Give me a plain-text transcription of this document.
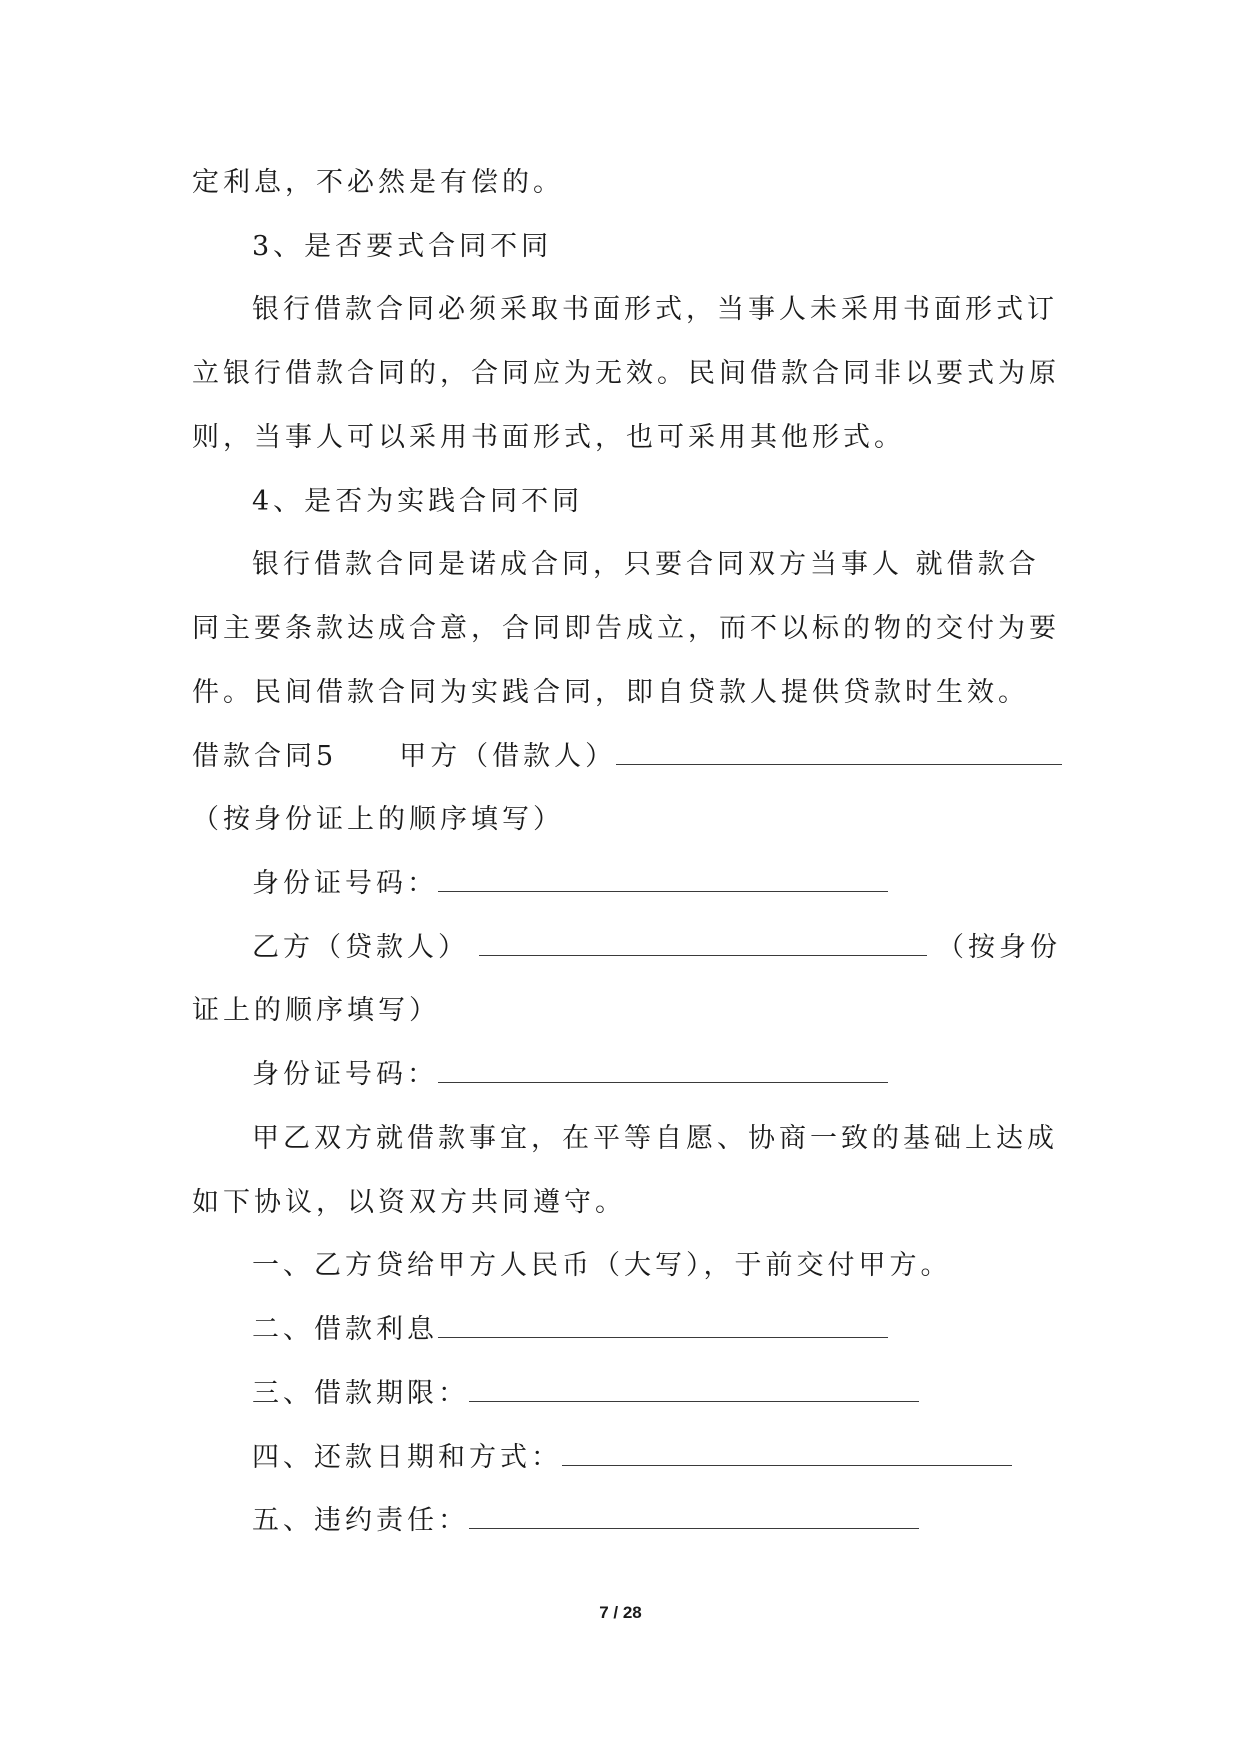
定利息，不必然是有偿的。
3、是否要式合同不同
银行借款合同必须采取书面形式，当事人未采用书面形式订
立银行借款合同的，合同应为无效。民间借款合同非以要式为原
则，当事人可以采用书面形式，也可采用其他形式。
4、是否为实践合同不同
银行借款合同是诺成合同，只要合同双方当事人 就借款合
同主要条款达成合意，合同即告成立，而不以标的物的交付为要
件。民间借款合同为实践合同，即自贷款人提供贷款时生效。
借款合同5 甲方（借款人）
（按身份证上的顺序填写）
身份证号码：
乙方（贷款人）	（按身份
证上的顺序填写）
身份证号码：
甲乙双方就借款事宜，在平等自愿、协商一致的基础上达成
如下协议，以资双方共同遵守。
一、乙方贷给甲方人民币（大写），于前交付甲方。
二、借款利息
三、借款期限：
四、还款日期和方式：
五、违约责任：
7 / 28
